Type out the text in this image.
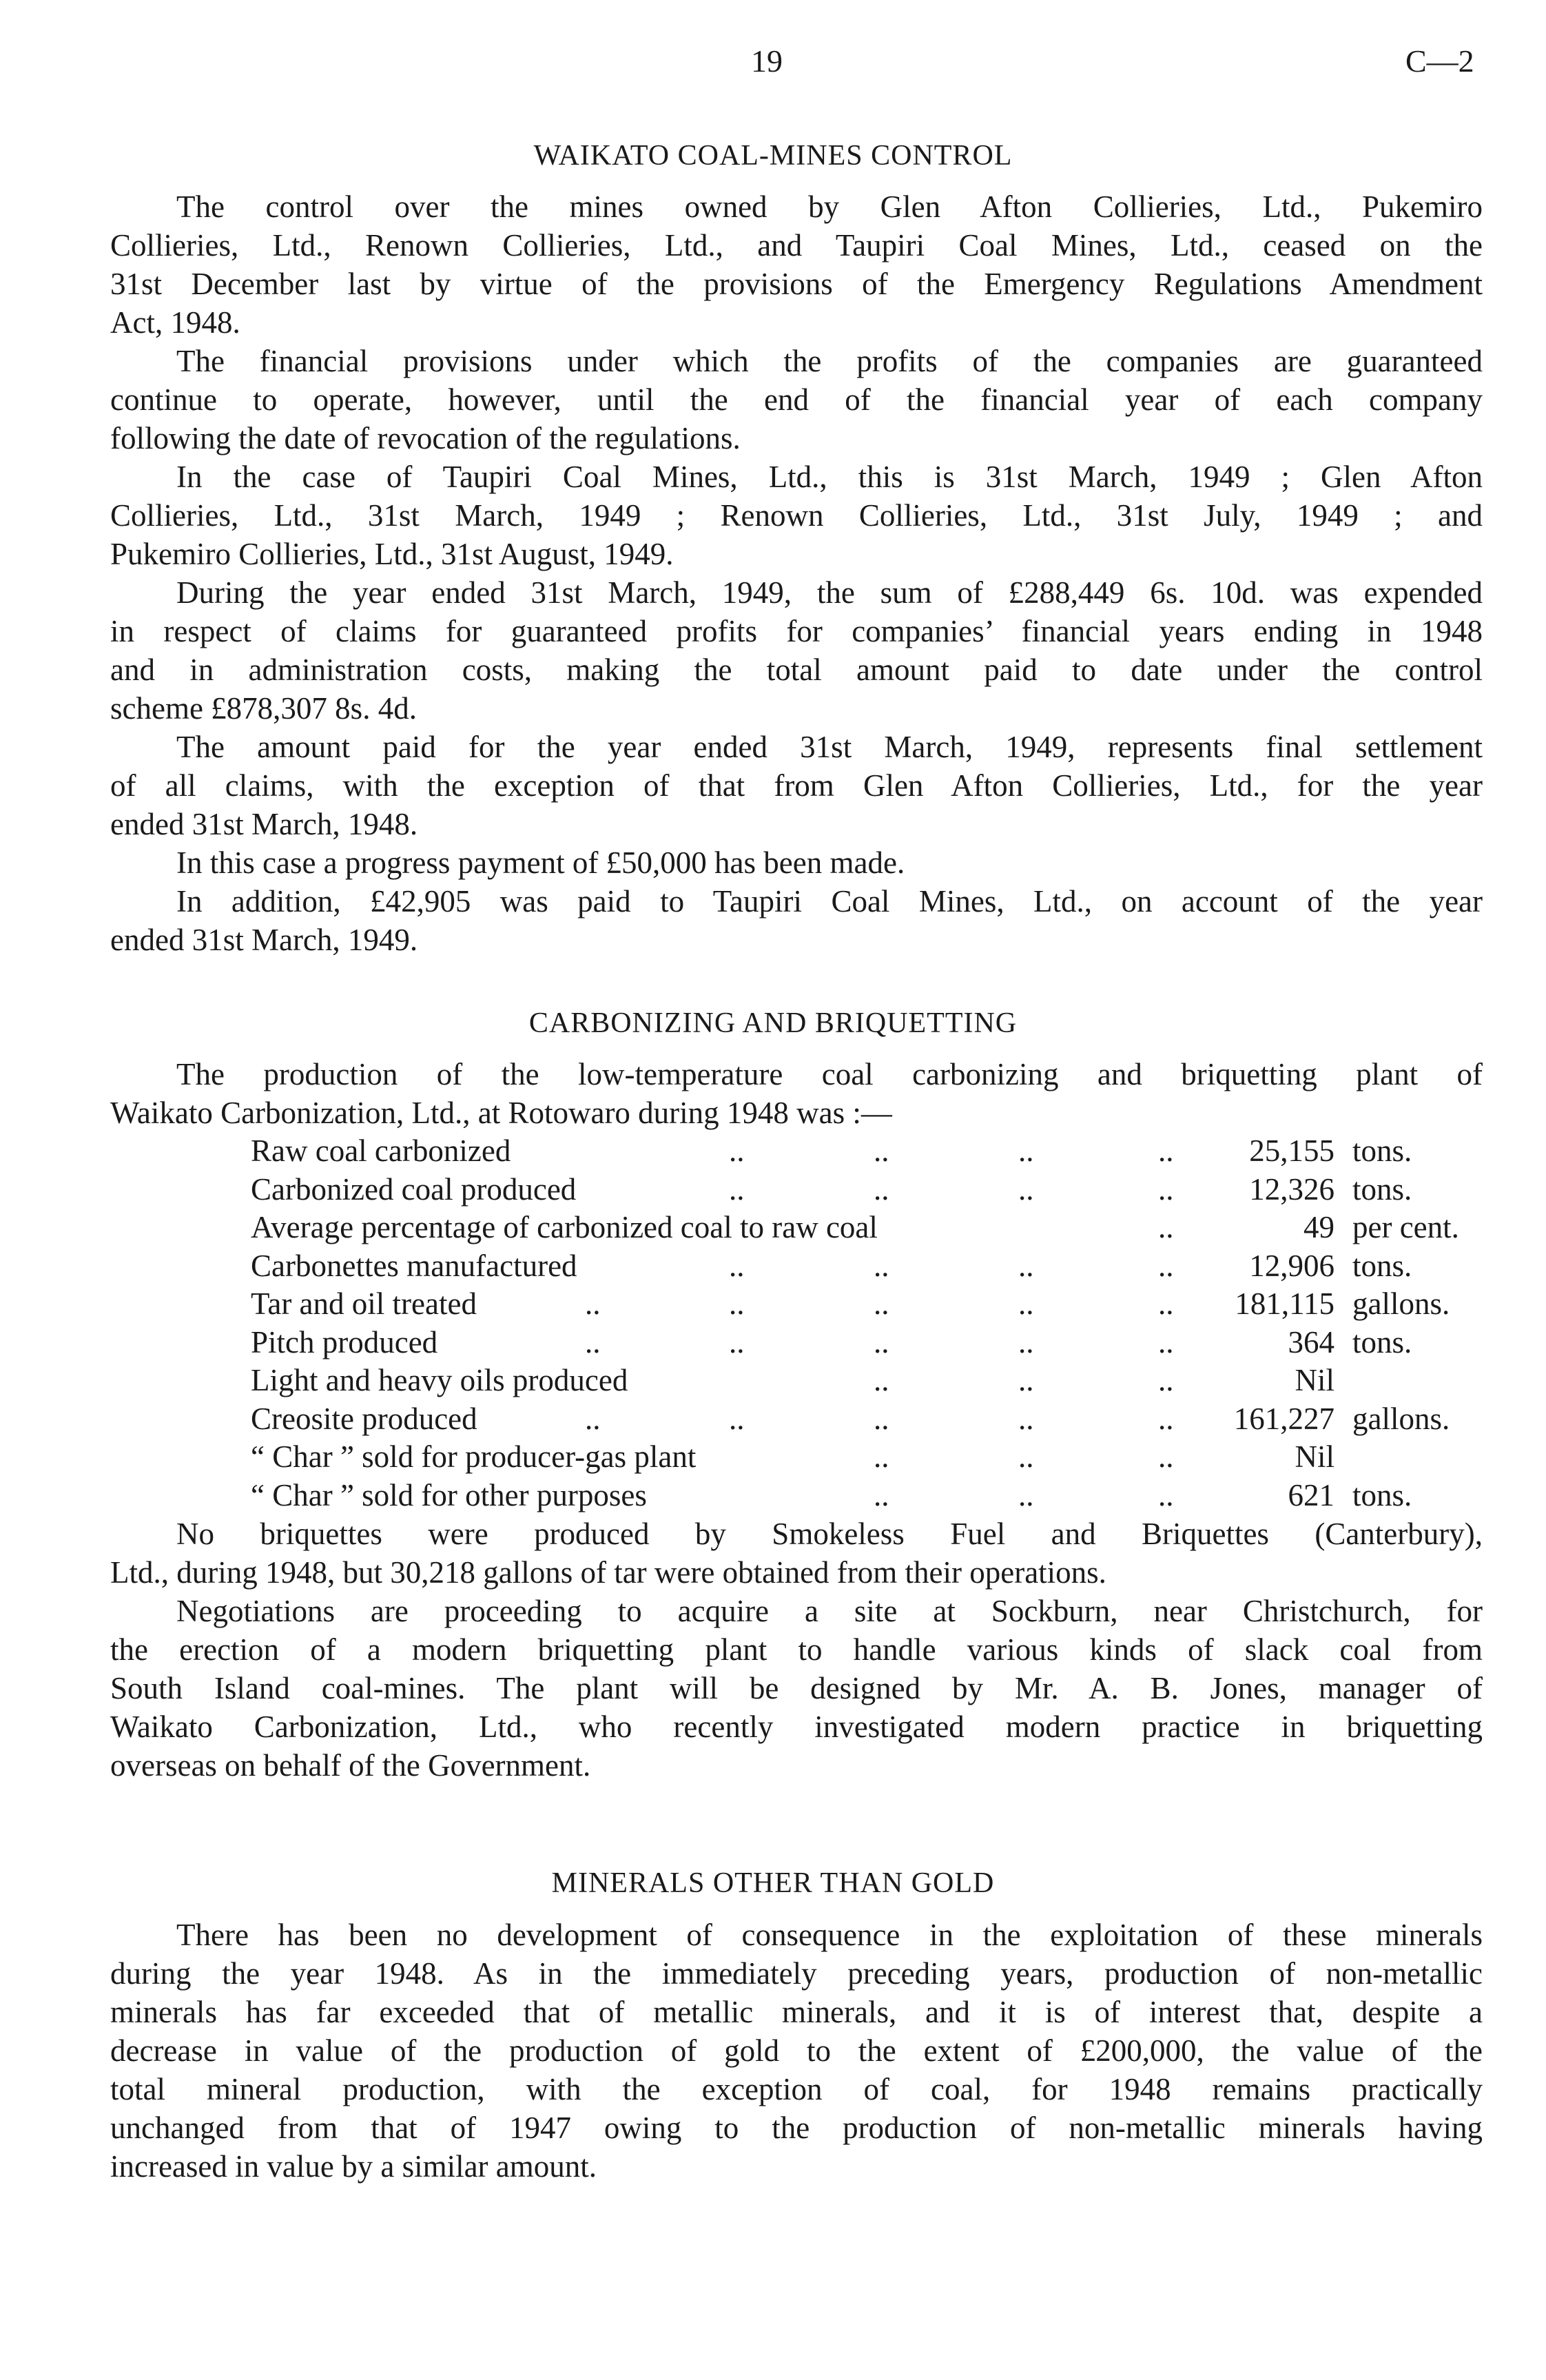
19	C—2
WAIKATO COAL-MINES CONTROL
The control over the mines owned by Glen Afton Collieries, Ltd., Pukemiro
Collieries, Ltd., Renown Collieries, Ltd., and Taupiri Coal Mines, Ltd., ceased on the
31st December last by virtue of the provisions of the Emergency Regulations Amendment
Act, 1948.
The financial provisions under which the profits of the companies are guaranteed
continue to operate, however, until the end of the financial year of each company
following the date of revocation of the regulations.
In the case of Taupiri Coal Mines, Ltd., this is 31st March, 1949 ; Glen Afton
Collieries, Ltd., 31st March, 1949 ; Renown Collieries, Ltd., 31st July, 1949 ; and
Pukemiro Collieries, Ltd., 31st August, 1949.
During the year ended 31st March, 1949, the sum of £288,449 6s. 10d. was expended
in respect of claims for guaranteed profits for companies’ financial years ending in 1948
and in administration costs, making the total amount paid to date under the control
scheme £878,307 8s. 4d.
The amount paid for the year ended 31st March, 1949, represents final settlement
of all claims, with the exception of that from Glen Afton Collieries, Ltd., for the year
ended 31st March, 1948.
In this case a progress payment of £50,000 has been made.
In addition, £42,905 was paid to Taupiri Coal Mines, Ltd., on account of the year
ended 31st March, 1949.
CARBONIZING AND BRIQUETTING
The production of the low-temperature coal carbonizing and briquetting plant of
Waikato Carbonization, Ltd., at Rotowaro during 1948 was :—
Raw coal carbonized	..	..	..	.. 25,155 tons.
Carbonized coal produced	..	..	..	.. 12,326 tons.
Average percentage of carbonized coal to raw coal	..	49 per cent.
Carbonettes manufactured	..	..	..	.. 12,906 tons.
Tar and oil treated	..	..	..	..	.. 181,115 gallons.
Pitch produced	..	..	..	..	..	364 tons.
Light and heavy oils produced	..	..	..	Nil
Creosite produced	..	..	..	..	.. 161,227 gallons.
“ Char ” sold for producer-gas plant	..	..	..	Nil
“ Char ” sold for other purposes	..	..	..	621 tons.
No briquettes were produced by Smokeless Fuel and Briquettes (Canterbury),
Ltd., during 1948, but 30,218 gallons of tar were obtained from their operations.
Negotiations are proceeding to acquire a site at Sockburn, near Christchurch, for
the erection of a modern briquetting plant to handle various kinds of slack coal from
South Island coal-mines. The plant will be designed by Mr. A. B. Jones, manager of
Waikato Carbonization, Ltd., who recently investigated modern practice in briquetting
overseas on behalf of the Government.
MINERALS OTHER THAN GOLD
There has been no development of consequence in the exploitation of these minerals
during the year 1948. As in the immediately preceding years, production of non-metallic
minerals has far exceeded that of metallic minerals, and it is of interest that, despite a
decrease in value of the production of gold to the extent of £200,000, the value of the
total mineral production, with the exception of coal, for 1948 remains practically
unchanged from that of 1947 owing to the production of non-metallic minerals having
increased in value by a similar amount.
